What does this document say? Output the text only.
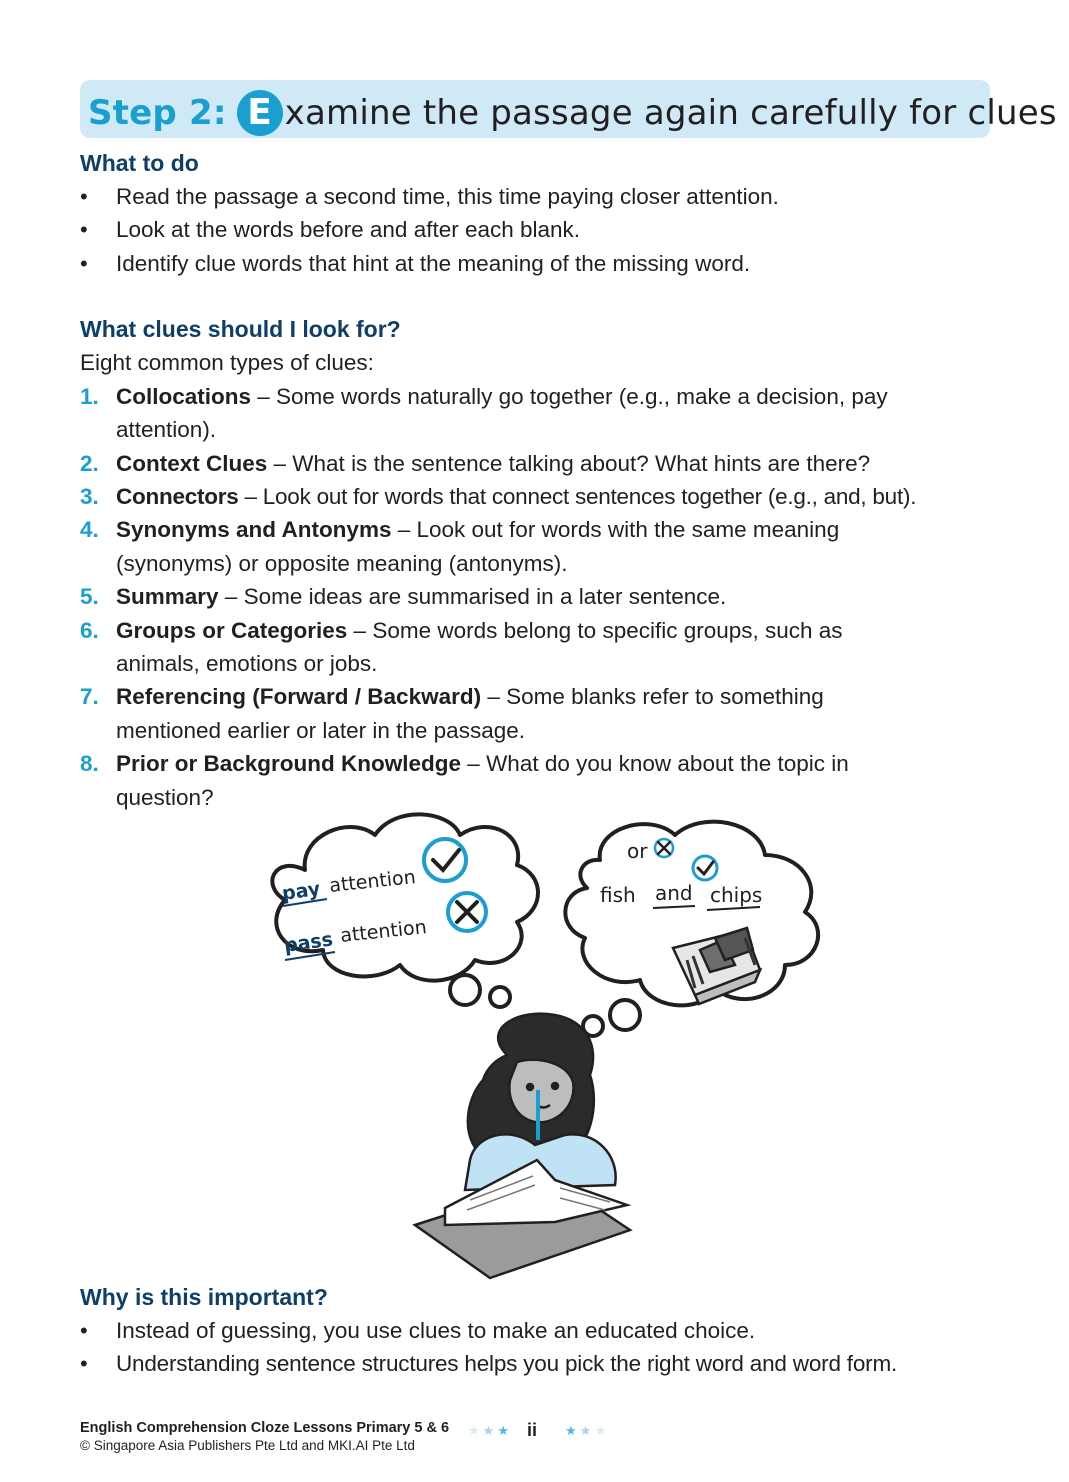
Step 2: E xamine the passage again carefully for clues
What to do
• Read the passage a second time, this time paying closer attention.
• Look at the words before and after each blank.
• Identify clue words that hint at the meaning of the missing word.
What clues should I look for?
Eight common types of clues:
1. Collocations – Some words naturally go together (e.g., make a decision, pay
attention).
2. Context Clues – What is the sentence talking about? What hints are there?
3. Connectors – Look out for words that connect sentences together (e.g., and, but).
4. Synonyms and Antonyms – Look out for words with the same meaning
(synonyms) or opposite meaning (antonyms).
5. Summary – Some ideas are summarised in a later sentence.
6. Groups or Categories – Some words belong to specific groups, such as
animals, emotions or jobs.
7. Referencing (Forward / Backward) – Some blanks refer to something
mentioned earlier or later in the passage.
8. Prior or Background Knowledge – What do you know about the topic in
question?
pay attention
pass attention
or
fish and chips
Why is this important?
• Instead of guessing, you use clues to make an educated choice.
• Understanding sentence structures helps you pick the right word and word form.
English Comprehension Cloze Lessons Primary 5 & 6
© Singapore Asia Publishers Pte Ltd and MKI.AI Pte Ltd
★★★ ii ★★★
